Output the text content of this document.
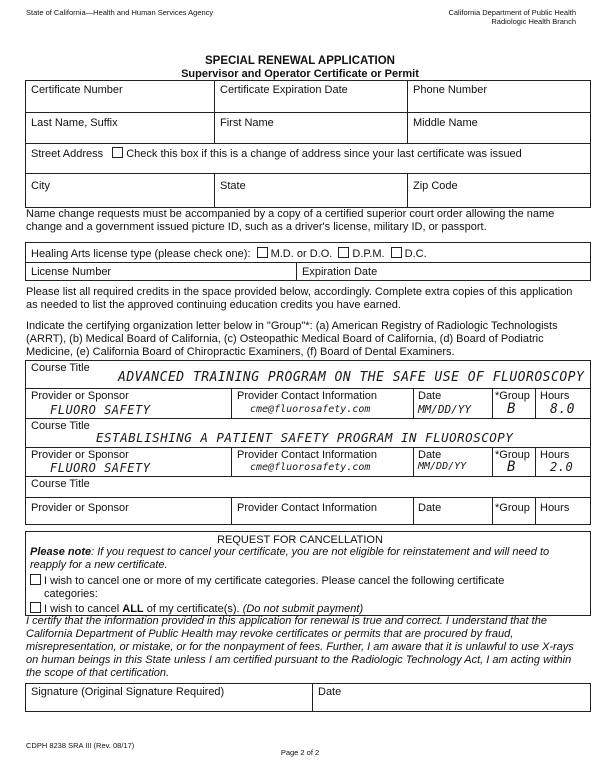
State of California—Health and Human Services Agency	California Department of Public Health
Radiologic Health Branch
SPECIAL RENEWAL APPLICATION
Supervisor and Operator Certificate or Permit
Certificate Number	Certificate Expiration Date	Phone Number
Last Name, Suffix	First Name	Middle Name
Street Address Check this box if this is a change of address since your last certificate was issued
City	State	Zip Code
Name change requests must be accompanied by a copy of a certified superior court order allowing the name change and a government issued picture ID, such as a driver's license, military ID, or passport.
Healing Arts license type (please check one): M.D. or D.O. D.P.M. D.C.
License Number	Expiration Date
Please list all required credits in the space provided below, accordingly. Complete extra copies of this application as needed to list the approved continuing education credits you have earned.
Indicate the certifying organization letter below in "Group"*: (a) American Registry of Radiologic Technologists (ARRT), (b) Medical Board of California, (c) Osteopathic Medical Board of California, (d) Board of Podiatric Medicine, (e) California Board of Chiropractic Examiners, (f) Board of Dental Examiners.
Course Title
ADVANCED TRAINING PROGRAM ON THE SAFE USE OF FLUOROSCOPY
Provider or Sponsor	Provider Contact Information	Date	*Group Hours
FLUORO SAFETY	cme@fluorosafety.com	MM/DD/YY	B	8.0
Course Title
ESTABLISHING A PATIENT SAFETY PROGRAM IN FLUOROSCOPY
Provider or Sponsor	Provider Contact Information	Date	*Group Hours
FLUORO SAFETY	cme@fluorosafety.com	MM/DD/YY	B	2.0
Course Title
Provider or Sponsor	Provider Contact Information	Date	*Group Hours
REQUEST FOR CANCELLATION
Please note: If you request to cancel your certificate, you are not eligible for reinstatement and will need to reapply for a new certificate.
I wish to cancel one or more of my certificate categories. Please cancel the following certificate
categories:
I wish to cancel ALL of my certificate(s). (Do not submit payment)
I certify that the information provided in this application for renewal is true and correct. I understand that the California Department of Public Health may revoke certificates or permits that are procured by fraud, misrepresentation, or mistake, or for the nonpayment of fees. Further, I am aware that it is unlawful to use X-rays on human beings in this State unless I am certified pursuant to the Radiologic Technology Act, I am acting within the scope of that certification.
Signature (Original Signature Required)	Date
CDPH 8238 SRA III (Rev. 08/17)
Page 2 of 2
